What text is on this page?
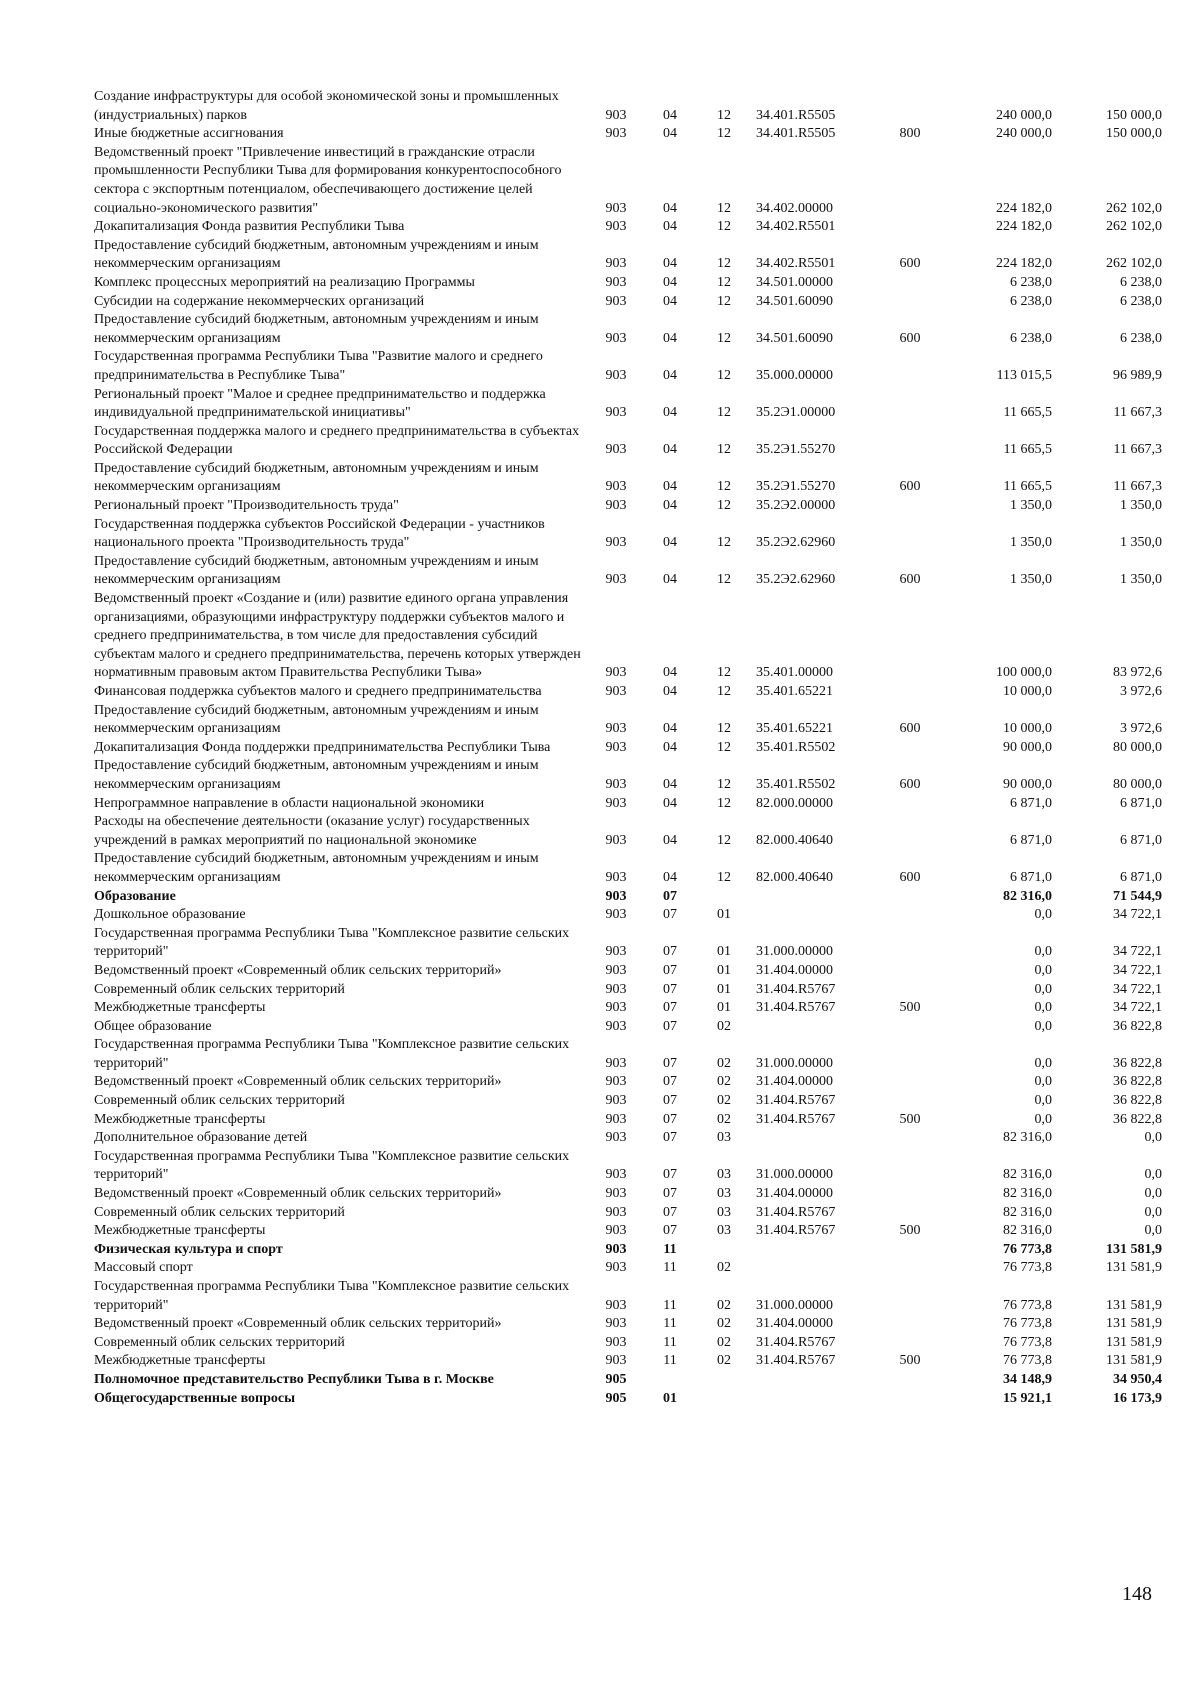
Создание инфраструктуры для особой экономической зоны и промышленных (индустриальных) парков	903	04	12	34.401.R5505		240 000,0	150 000,0
Иные бюджетные ассигнования	903	04	12	34.401.R5505	800	240 000,0	150 000,0
Ведомственный проект "Привлечение инвестиций в гражданские отрасли промышленности Республики Тыва для формирования конкурентоспособного сектора с экспортным потенциалом, обеспечивающего достижение целей социально-экономического развития"	903	04	12	34.402.00000		224 182,0	262 102,0
Докапитализация Фонда развития Республики Тыва	903	04	12	34.402.R5501		224 182,0	262 102,0
Предоставление субсидий бюджетным, автономным учреждениям и иным некоммерческим организациям	903	04	12	34.402.R5501	600	224 182,0	262 102,0
Комплекс процессных мероприятий на реализацию Программы	903	04	12	34.501.00000		6 238,0	6 238,0
Субсидии на содержание некоммерческих организаций	903	04	12	34.501.60090		6 238,0	6 238,0
Предоставление субсидий бюджетным, автономным учреждениям и иным некоммерческим организациям	903	04	12	34.501.60090	600	6 238,0	6 238,0
Государственная программа Республики Тыва "Развитие малого и среднего предпринимательства в Республике Тыва"	903	04	12	35.000.00000		113 015,5	96 989,9
Региональный проект "Малое и среднее предпринимательство и поддержка индивидуальной предпринимательской инициативы"	903	04	12	35.2Э1.00000		11 665,5	11 667,3
Государственная поддержка малого и среднего предпринимательства в субъектах Российской Федерации	903	04	12	35.2Э1.55270		11 665,5	11 667,3
Предоставление субсидий бюджетным, автономным учреждениям и иным некоммерческим организациям	903	04	12	35.2Э1.55270	600	11 665,5	11 667,3
Региональный проект "Производительность труда"	903	04	12	35.2Э2.00000		1 350,0	1 350,0
Государственная поддержка субъектов Российской Федерации - участников национального проекта "Производительность труда"	903	04	12	35.2Э2.62960		1 350,0	1 350,0
Предоставление субсидий бюджетным, автономным учреждениям и иным некоммерческим организациям	903	04	12	35.2Э2.62960	600	1 350,0	1 350,0
Ведомственный проект «Создание и (или) развитие единого органа управления организациями, образующими инфраструктуру поддержки субъектов малого и среднего предпринимательства, в том числе для предоставления субсидий субъектам малого и среднего предпринимательства, перечень которых утвержден нормативным правовым актом Правительства Республики Тыва»	903	04	12	35.401.00000		100 000,0	83 972,6
Финансовая поддержка субъектов малого и среднего предпринимательства	903	04	12	35.401.65221		10 000,0	3 972,6
Предоставление субсидий бюджетным, автономным учреждениям и иным некоммерческим организациям	903	04	12	35.401.65221	600	10 000,0	3 972,6
Докапитализация Фонда поддержки предпринимательства Республики Тыва	903	04	12	35.401.R5502		90 000,0	80 000,0
Предоставление субсидий бюджетным, автономным учреждениям и иным некоммерческим организациям	903	04	12	35.401.R5502	600	90 000,0	80 000,0
Непрограммное направление в области национальной экономики	903	04	12	82.000.00000		6 871,0	6 871,0
Расходы на обеспечение деятельности (оказание услуг) государственных учреждений в рамках мероприятий по национальной экономике	903	04	12	82.000.40640		6 871,0	6 871,0
Предоставление субсидий бюджетным, автономным учреждениям и иным некоммерческим организациям	903	04	12	82.000.40640	600	6 871,0	6 871,0
Образование	903	07				82 316,0	71 544,9
Дошкольное образование	903	07	01			0,0	34 722,1
Государственная программа Республики Тыва "Комплексное развитие сельских территорий"	903	07	01	31.000.00000		0,0	34 722,1
Ведомственный проект «Современный облик сельских территорий»	903	07	01	31.404.00000		0,0	34 722,1
Современный облик сельских территорий	903	07	01	31.404.R5767		0,0	34 722,1
Межбюджетные трансферты	903	07	01	31.404.R5767	500	0,0	34 722,1
Общее образование	903	07	02			0,0	36 822,8
Государственная программа Республики Тыва "Комплексное развитие сельских территорий"	903	07	02	31.000.00000		0,0	36 822,8
Ведомственный проект «Современный облик сельских территорий»	903	07	02	31.404.00000		0,0	36 822,8
Современный облик сельских территорий	903	07	02	31.404.R5767		0,0	36 822,8
Межбюджетные трансферты	903	07	02	31.404.R5767	500	0,0	36 822,8
Дополнительное образование детей	903	07	03			82 316,0	0,0
Государственная программа Республики Тыва "Комплексное развитие сельских территорий"	903	07	03	31.000.00000		82 316,0	0,0
Ведомственный проект «Современный облик сельских территорий»	903	07	03	31.404.00000		82 316,0	0,0
Современный облик сельских территорий	903	07	03	31.404.R5767		82 316,0	0,0
Межбюджетные трансферты	903	07	03	31.404.R5767	500	82 316,0	0,0
Физическая культура и спорт	903	11				76 773,8	131 581,9
Массовый спорт	903	11	02			76 773,8	131 581,9
Государственная программа Республики Тыва "Комплексное развитие сельских территорий"	903	11	02	31.000.00000		76 773,8	131 581,9
Ведомственный проект «Современный облик сельских территорий»	903	11	02	31.404.00000		76 773,8	131 581,9
Современный облик сельских территорий	903	11	02	31.404.R5767		76 773,8	131 581,9
Межбюджетные трансферты	903	11	02	31.404.R5767	500	76 773,8	131 581,9
Полномочное представительство Республики Тыва в г. Москве	905					34 148,9	34 950,4
Общегосударственные вопросы	905	01				15 921,1	16 173,9
148
